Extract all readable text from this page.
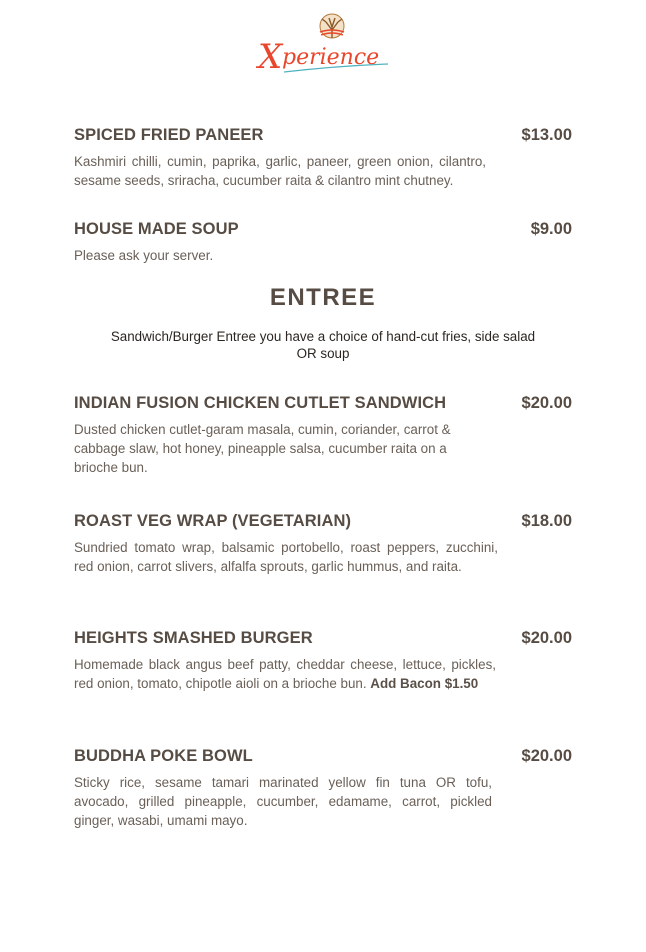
X perience
SPICED FRIED PANEER	$13.00
Kashmiri chilli, cumin, paprika, garlic, paneer, green onion, cilantro, sesame seeds, sriracha, cucumber raita & cilantro mint chutney.
HOUSE MADE SOUP	$9.00
Please ask your server.
ENTREE
Sandwich/Burger Entree you have a choice of hand-cut fries, side salad OR soup
INDIAN FUSION CHICKEN CUTLET SANDWICH	$20.00
Dusted chicken cutlet-garam masala, cumin, coriander, carrot & cabbage slaw, hot honey, pineapple salsa, cucumber raita on a brioche bun.
ROAST VEG WRAP (VEGETARIAN)	$18.00
Sundried tomato wrap, balsamic portobello, roast peppers, zucchini, red onion, carrot slivers, alfalfa sprouts, garlic hummus, and raita.
HEIGHTS SMASHED BURGER	$20.00
Homemade black angus beef patty, cheddar cheese, lettuce, pickles, red onion, tomato, chipotle aioli on a brioche bun. Add Bacon $1.50
BUDDHA POKE BOWL	$20.00
Sticky rice, sesame tamari marinated yellow fin tuna OR tofu, avocado, grilled pineapple, cucumber, edamame, carrot, pickled ginger, wasabi, umami mayo.
